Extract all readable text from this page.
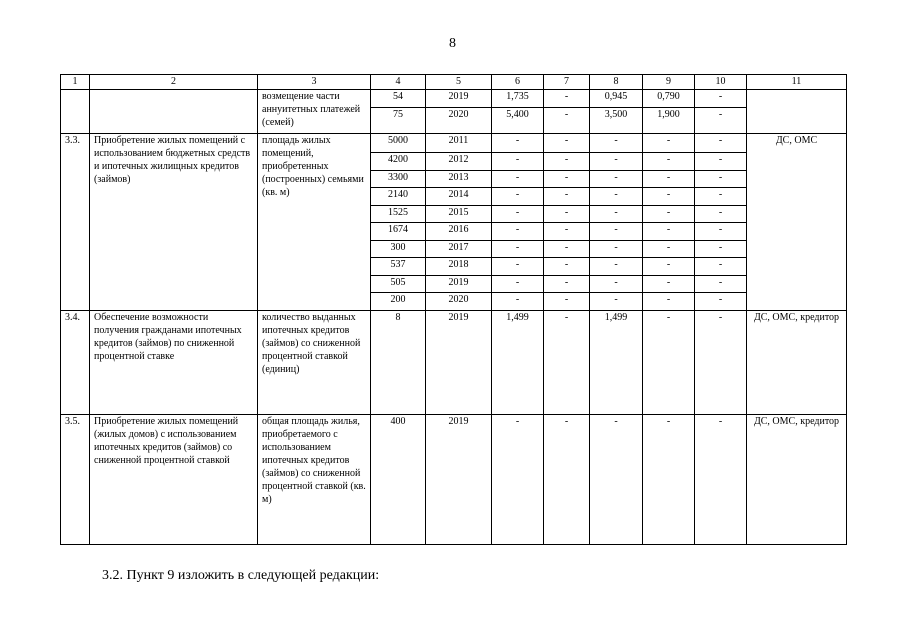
8
1	2	3	4	5	6	7	8	9	10	11
		возмещение части аннуитетных платежей (семей)	54	2019	1,735	-	0,945	0,790	-	
			75	2020	5,400	-	3,500	1,900	-	
3.3.	Приобретение жилых помещений с использованием бюджетных средств и ипотечных жилищных кредитов (займов)	площадь жилых помещений, приобретенных (построенных) семьями (кв. м)	5000	2011	-	-	-	-	-	ДС, ОМС
			4200	2012	-	-	-	-	-	
			3300	2013	-	-	-	-	-	
			2140	2014	-	-	-	-	-	
			1525	2015	-	-	-	-	-	
			1674	2016	-	-	-	-	-	
			300	2017	-	-	-	-	-	
			537	2018	-	-	-	-	-	
			505	2019	-	-	-	-	-	
			200	2020	-	-	-	-	-	
3.4.	Обеспечение возможности получения гражданами ипотечных кредитов (займов) по сниженной процентной ставке	количество выданных ипотечных кредитов (займов) со сниженной процентной ставкой (единиц)	8	2019	1,499	-	1,499	-	-	ДС, ОМС, кредитор
3.5.	Приобретение жилых помещений (жилых домов) с использованием ипотечных кредитов (займов) со сниженной процентной ставкой	общая площадь жилья, приобретаемого с использованием ипотечных кредитов (займов) со сниженной процентной ставкой (кв. м)	400	2019	-	-	-	-	-	ДС, ОМС, кредитор
3.2. Пункт 9 изложить в следующей редакции:
